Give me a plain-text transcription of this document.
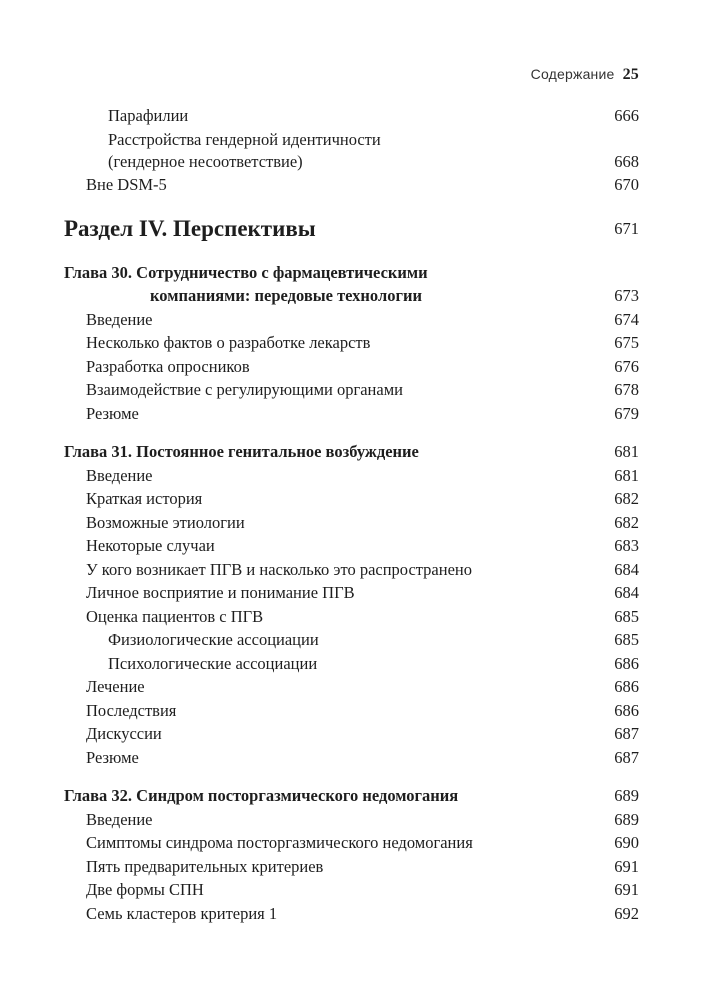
Содержание 25
Парафилии	666
Расстройства гендерной идентичности
(гендерное несоответствие)	668
Вне DSM-5	670
Раздел IV. Перспективы	671
Глава 30. Сотрудничество с фармацевтическими
компаниями: передовые технологии	673
Введение	674
Несколько фактов о разработке лекарств	675
Разработка опросников	676
Взаимодействие с регулирующими органами	678
Резюме	679
Глава 31. Постоянное генитальное возбуждение	681
Введение	681
Краткая история	682
Возможные этиологии	682
Некоторые случаи	683
У кого возникает ПГВ и насколько это распространено	684
Личное восприятие и понимание ПГВ	684
Оценка пациентов с ПГВ	685
Физиологические ассоциации	685
Психологические ассоциации	686
Лечение	686
Последствия	686
Дискуссии	687
Резюме	687
Глава 32. Синдром посторгазмического недомогания	689
Введение	689
Симптомы синдрома посторгазмического недомогания	690
Пять предварительных критериев	691
Две формы СПН	691
Семь кластеров критерия 1	692
